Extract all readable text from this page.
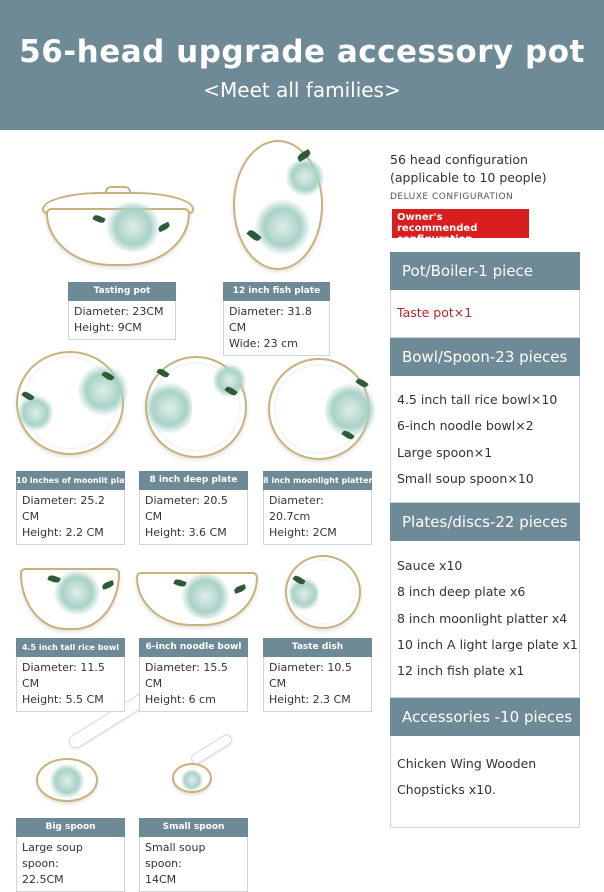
56-head upgrade accessory pot
<Meet all families>
Tasting pot
Diameter: 23CM
Height: 9CM
12 inch fish plate
Diameter: 31.8 CM
Wide: 23 cm
10 inches of moonlit plate
Diameter: 25.2 CM
Height: 2.2 CM
8 inch deep plate
Diameter: 20.5 CM
Height: 3.6 CM
8 inch moonlight platter
Diameter: 20.7cm
Height: 2CM
4.5 inch tall rice bowl
Diameter: 11.5 CM
Height: 5.5 CM
6-inch noodle bowl
Diameter: 15.5 CM
Height: 6 cm
Taste dish
Diameter: 10.5 CM
Height: 2.3 CM
Big spoon
Large soup spoon:
22.5CM
Small spoon
Small soup spoon:
14CM
56 head configuration
(applicable to 10 people)
DELUXE CONFIGURATION
Owner's recommended
configuration
Pot/Boiler-1 piece
Taste pot×1
Bowl/Spoon-23 pieces
4.5 inch tall rice bowl×10
6-inch noodle bowl×2
Large spoon×1
Small soup spoon×10
Plates/discs-22 pieces
Sauce x10
8 inch deep plate x6
8 inch moonlight platter x4
10 inch A light large plate x1
12 inch fish plate x1
Accessories -10 pieces
Chicken Wing Wooden
Chopsticks x10.
